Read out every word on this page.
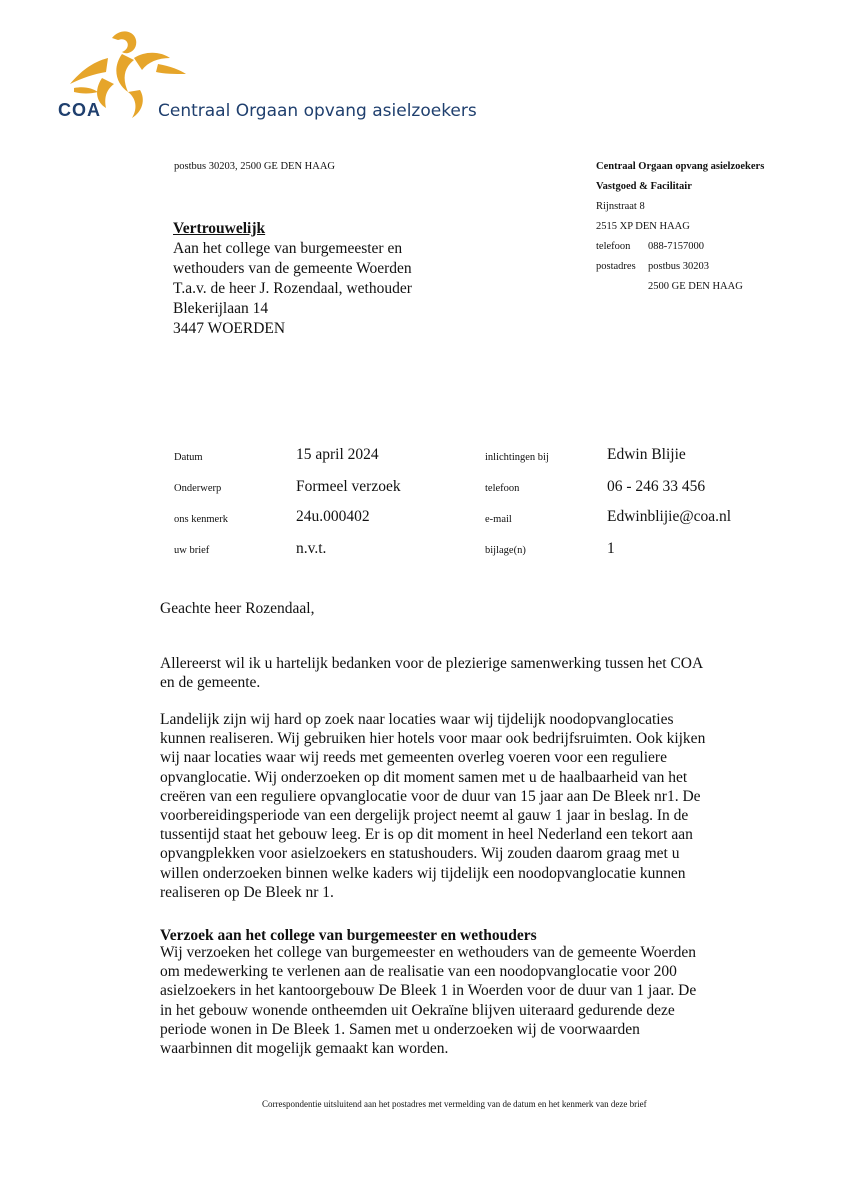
COA	Centraal Orgaan opvang asielzoekers
postbus 30203, 2500 GE DEN HAAG	Centraal Orgaan opvang asielzoekers
Vastgoed & Facilitair
Rijnstraat 8
2515 XP DEN HAAG
telefoon 088-7157000
postadres postbus 30203
2500 GE DEN HAAG
Vertrouwelijk
Aan het college van burgemeester en
wethouders van de gemeente Woerden
T.a.v. de heer J. Rozendaal, wethouder
Blekerijlaan 14
3447 WOERDEN
Datum	15 april 2024
Onderwerp	Formeel verzoek
ons kenmerk	24u.000402
uw brief	n.v.t.
inlichtingen bij	Edwin Blijie
telefoon	06 - 246 33 456
e-mail	Edwinblijie@coa.nl
bijlage(n)	1
Geachte heer Rozendaal,
Allereerst wil ik u hartelijk bedanken voor de plezierige samenwerking tussen het COA
en de gemeente.
Landelijk zijn wij hard op zoek naar locaties waar wij tijdelijk noodopvanglocaties
kunnen realiseren. Wij gebruiken hier hotels voor maar ook bedrijfsruimten. Ook kijken
wij naar locaties waar wij reeds met gemeenten overleg voeren voor een reguliere
opvanglocatie. Wij onderzoeken op dit moment samen met u de haalbaarheid van het
creëren van een reguliere opvanglocatie voor de duur van 15 jaar aan De Bleek nr1. De
voorbereidingsperiode van een dergelijk project neemt al gauw 1 jaar in beslag. In de
tussentijd staat het gebouw leeg. Er is op dit moment in heel Nederland een tekort aan
opvangplekken voor asielzoekers en statushouders. Wij zouden daarom graag met u
willen onderzoeken binnen welke kaders wij tijdelijk een noodopvanglocatie kunnen
realiseren op De Bleek nr 1.
Verzoek aan het college van burgemeester en wethouders
Wij verzoeken het college van burgemeester en wethouders van de gemeente Woerden
om medewerking te verlenen aan de realisatie van een noodopvanglocatie voor 200
asielzoekers in het kantoorgebouw De Bleek 1 in Woerden voor de duur van 1 jaar. De
in het gebouw wonende ontheemden uit Oekraïne blijven uiteraard gedurende deze
periode wonen in De Bleek 1. Samen met u onderzoeken wij de voorwaarden
waarbinnen dit mogelijk gemaakt kan worden.
Correspondentie uitsluitend aan het postadres met vermelding van de datum en het kenmerk van deze brief
